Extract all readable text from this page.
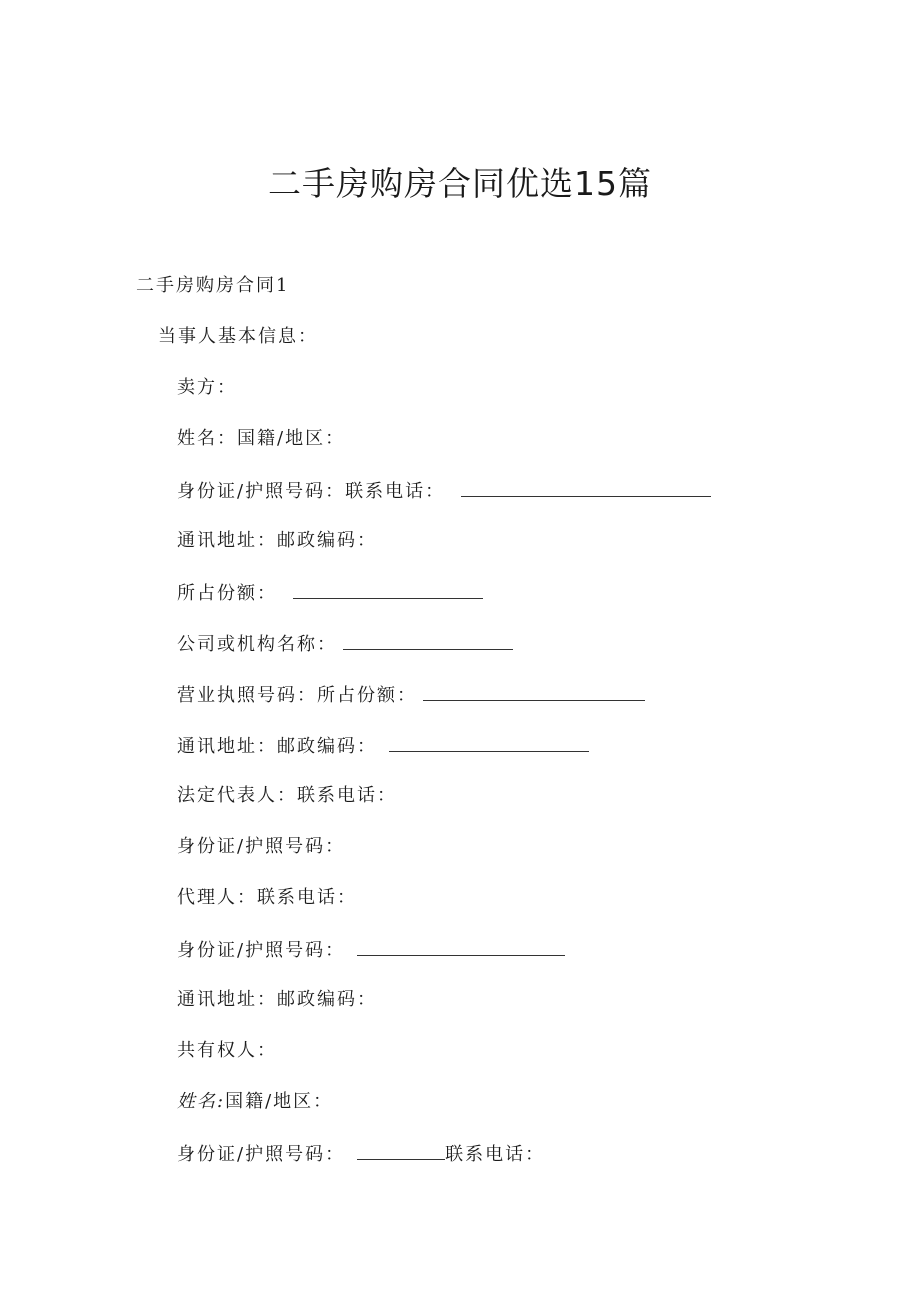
二手房购房合同优选15篇
二手房购房合同1
当事人基本信息：
卖方：
姓名：国籍/地区：
身份证/护照号码：联系电话：
通讯地址：邮政编码：
所占份额：
公司或机构名称：
营业执照号码：所占份额：
通讯地址：邮政编码：
法定代表人：联系电话：
身份证/护照号码：
代理人：联系电话：
身份证/护照号码：
通讯地址：邮政编码：
共有权人：
姓名:国籍/地区：
身份证/护照号码：	联系电话：
